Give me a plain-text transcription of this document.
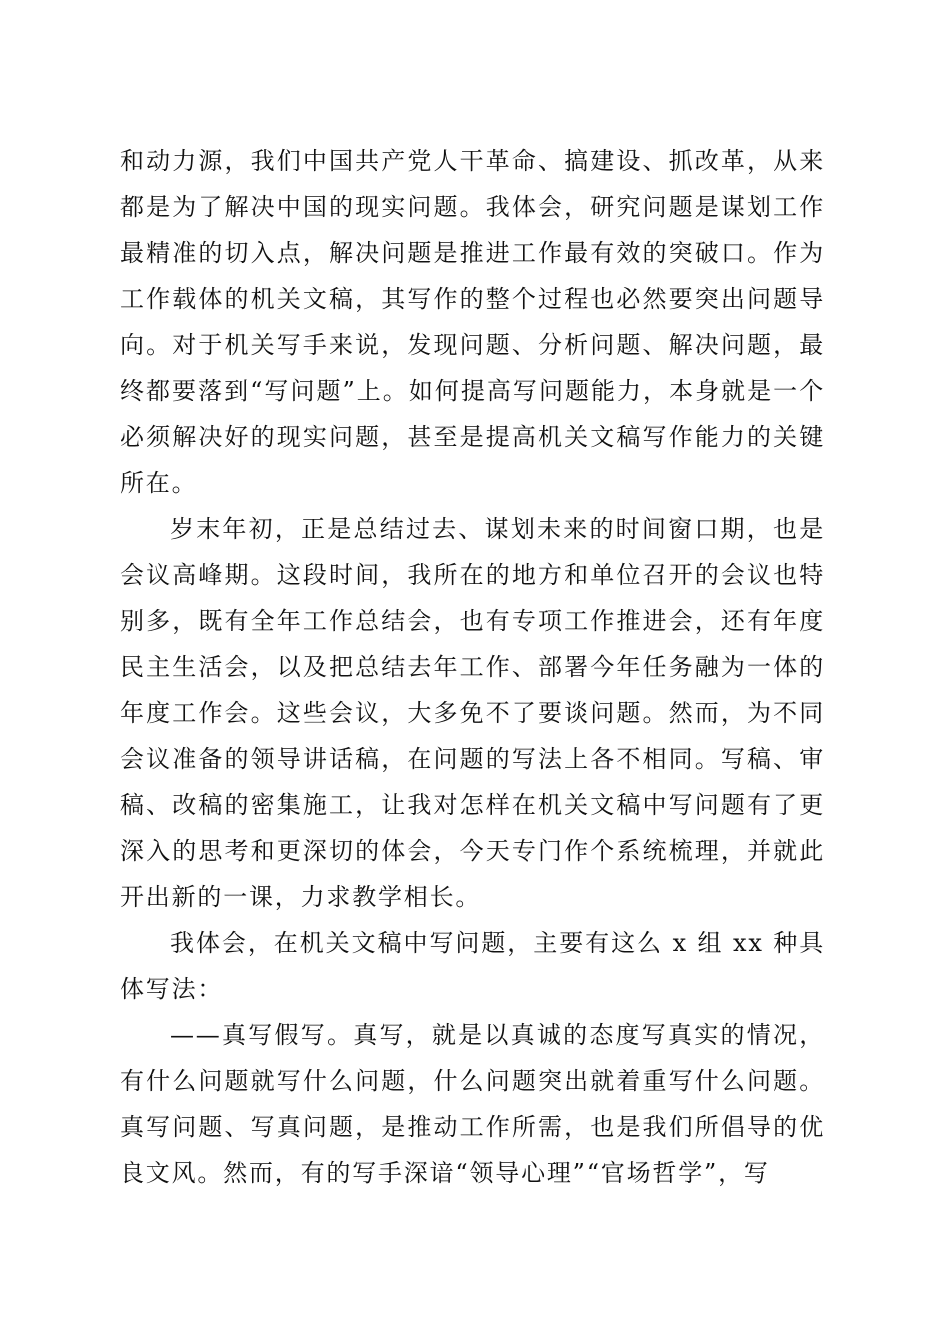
和动力源，我们中国共产党人干革命、搞建设、抓改革，从来都是为了解决中国的现实问题。我体会，研究问题是谋划工作最精准的切入点，解决问题是推进工作最有效的突破口。作为工作载体的机关文稿，其写作的整个过程也必然要突出问题导向。对于机关写手来说，发现问题、分析问题、解决问题，最终都要落到“写问题”上。如何提高写问题能力，本身就是一个必须解决好的现实问题，甚至是提高机关文稿写作能力的关键所在。

岁末年初，正是总结过去、谋划未来的时间窗口期，也是会议高峰期。这段时间，我所在的地方和单位召开的会议也特别多，既有全年工作总结会，也有专项工作推进会，还有年度民主生活会，以及把总结去年工作、部署今年任务融为一体的年度工作会。这些会议，大多免不了要谈问题。然而，为不同会议准备的领导讲话稿，在问题的写法上各不相同。写稿、审稿、改稿的密集施工，让我对怎样在机关文稿中写问题有了更深入的思考和更深切的体会，今天专门作个系统梳理，并就此开出新的一课，力求教学相长。

我体会，在机关文稿中写问题，主要有这么 x 组 xx 种具体写法：

——真写假写。真写，就是以真诚的态度写真实的情况，有什么问题就写什么问题，什么问题突出就着重写什么问题。真写问题、写真问题，是推动工作所需，也是我们所倡导的优良文风。然而，有的写手深谙“领导心理”“官场哲学”，写
